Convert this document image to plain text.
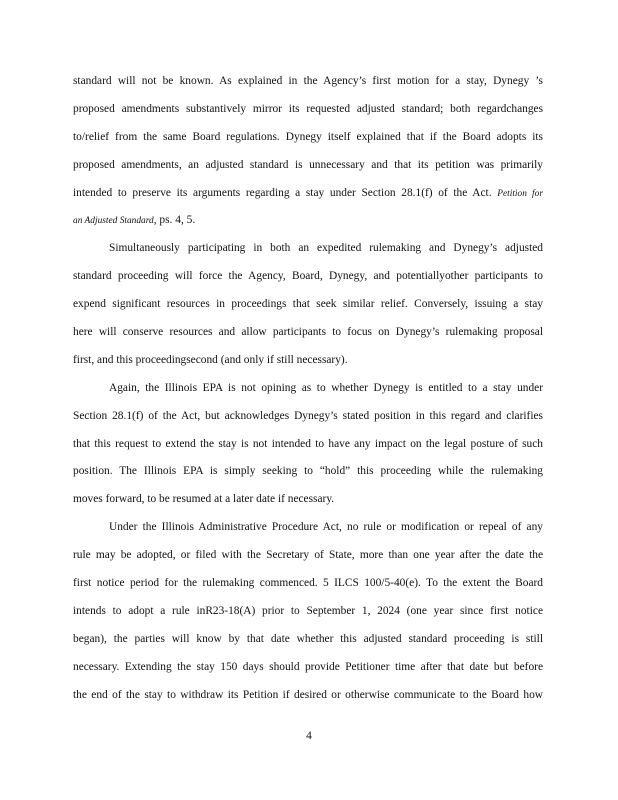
standard will not be known. As explained in the Agency’s first motion for a stay, Dynegy ’s
proposed amendments substantively mirror its requested adjusted standard; both regardchanges
to/relief from the same Board regulations. Dynegy itself explained that if the Board adopts its
proposed amendments, an adjusted standard is unnecessary and that its petition was primarily
intended to preserve its arguments regarding a stay under Section 28.1(f) of the Act. Petition for
an Adjusted Standard, ps. 4, 5.
Simultaneously participating in both an expedited rulemaking and Dynegy’s adjusted
standard proceeding will force the Agency, Board, Dynegy, and potentiallyother participants to
expend significant resources in proceedings that seek similar relief. Conversely, issuing a stay
here will conserve resources and allow participants to focus on Dynegy’s rulemaking proposal
first, and this proceedingsecond (and only if still necessary).
Again, the Illinois EPA is not opining as to whether Dynegy is entitled to a stay under
Section 28.1(f) of the Act, but acknowledges Dynegy’s stated position in this regard and clarifies
that this request to extend the stay is not intended to have any impact on the legal posture of such
position. The Illinois EPA is simply seeking to “hold” this proceeding while the rulemaking
moves forward, to be resumed at a later date if necessary.
Under the Illinois Administrative Procedure Act, no rule or modification or repeal of any
rule may be adopted, or filed with the Secretary of State, more than one year after the date the
first notice period for the rulemaking commenced. 5 ILCS 100/5-40(e). To the extent the Board
intends to adopt a rule inR23-18(A) prior to September 1, 2024 (one year since first notice
began), the parties will know by that date whether this adjusted standard proceeding is still
necessary. Extending the stay 150 days should provide Petitioner time after that date but before
the end of the stay to withdraw its Petition if desired or otherwise communicate to the Board how
4
